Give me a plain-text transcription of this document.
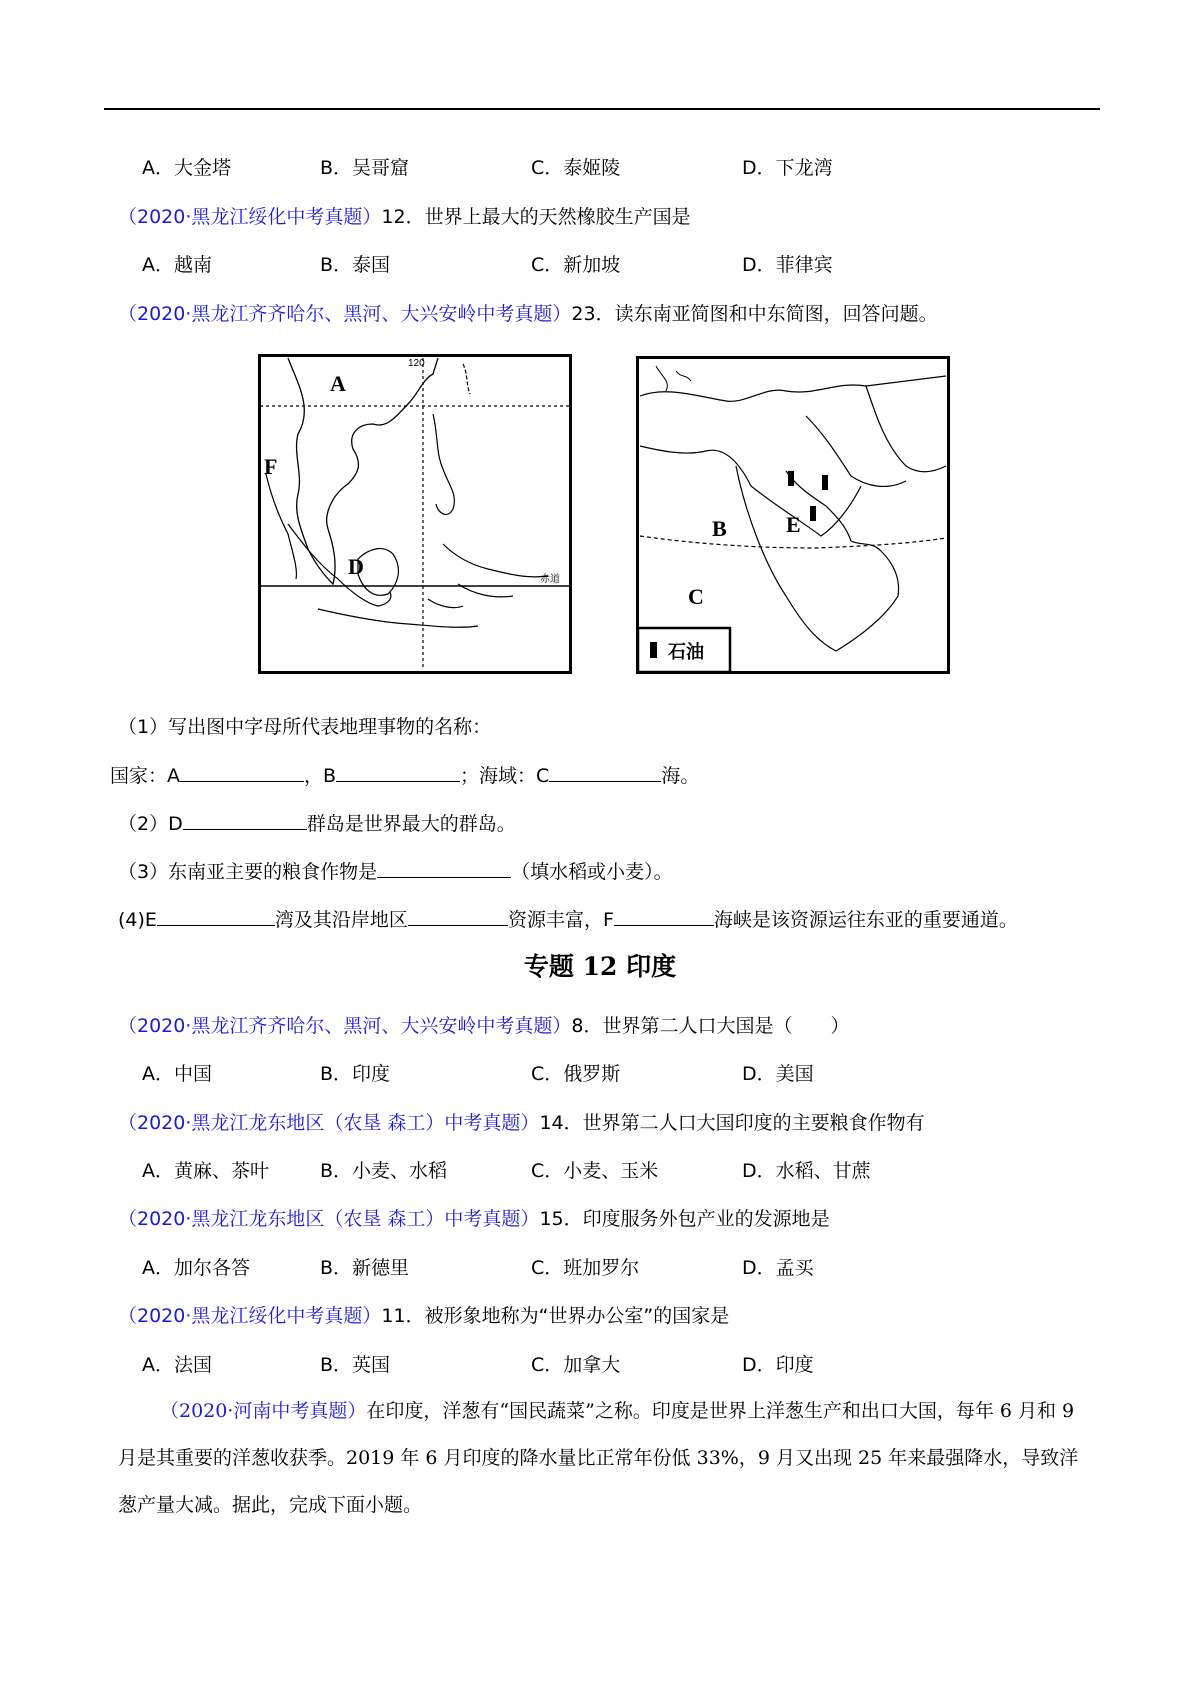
A．大金塔	B．吴哥窟	C．泰姬陵	D．下龙湾
（2020·黑龙江绥化中考真题）12．世界上最大的天然橡胶生产国是
A．越南	B．泰国	C．新加坡	D．菲律宾
（2020·黑龙江齐齐哈尔、黑河、大兴安岭中考真题）23．读东南亚简图和中东简图，回答问题。
A
F
D
120
赤道
B
C
E
石油
（1）写出图中字母所代表地理事物的名称：
国家：A	，B	；海域：C	海。
（2）D	群岛是世界最大的群岛。
（3）东南亚主要的粮食作物是	（填水稻或小麦）。
(4)E	湾及其沿岸地区	资源丰富，F	海峡是该资源运往东亚的重要通道。
专题 12 印度
（2020·黑龙江齐齐哈尔、黑河、大兴安岭中考真题）8．世界第二人口大国是（　　）
A．中国	B．印度	C．俄罗斯	D．美国
（2020·黑龙江龙东地区（农垦 森工）中考真题）14．世界第二人口大国印度的主要粮食作物有
A．黄麻、茶叶	B．小麦、水稻	C．小麦、玉米	D．水稻、甘蔗
（2020·黑龙江龙东地区（农垦 森工）中考真题）15．印度服务外包产业的发源地是
A．加尔各答	B．新德里	C．班加罗尔	D．孟买
（2020·黑龙江绥化中考真题）11．被形象地称为“世界办公室”的国家是
A．法国	B．英国	C．加拿大	D．印度
（2020·河南中考真题）在印度，洋葱有“国民蔬菜”之称。印度是世界上洋葱生产和出口大国，每年 6 月和 9 月是其重要的洋葱收获季。2019 年 6 月印度的降水量比正常年份低 33%，9 月又出现 25 年来最强降水，导致洋葱产量大减。据此，完成下面小题。
